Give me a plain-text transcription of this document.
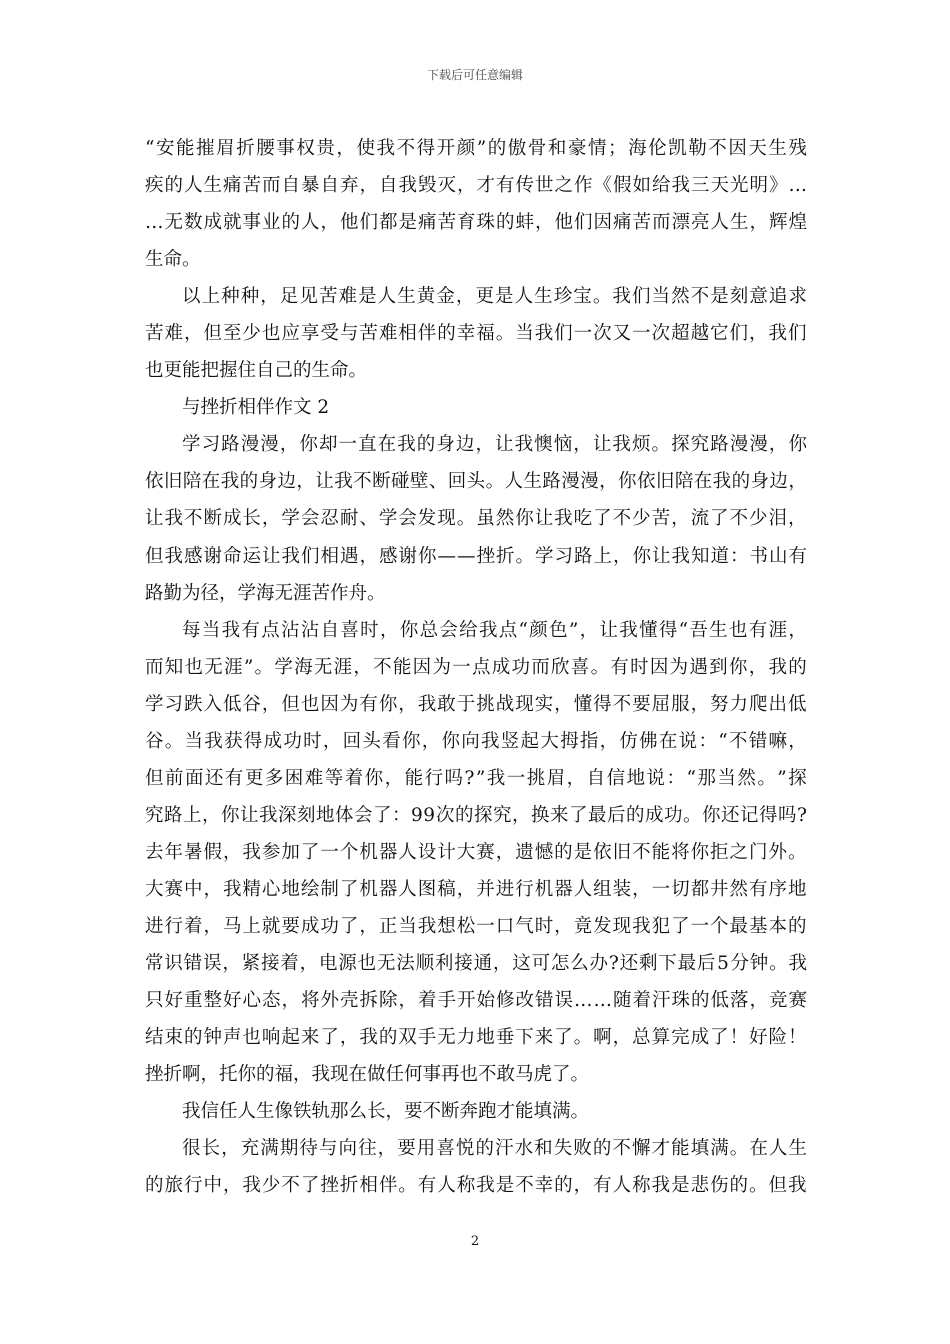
下载后可任意编辑
“ 安 能 摧 眉 折 腰 事 权 贵 ， 使 我 不 得 开 颜 ” 的 傲 骨 和 豪 情 ； 海 伦 凯 勒 不 因 天 生 残
疾 的 人 生 痛 苦 而 自 暴 自 弃 ， 自 我 毁 灭 ， 才 有 传 世 之 作 《 假 如 给 我 三 天 光 明 》 …
… 无 数 成 就 事 业 的 人 ， 他 们 都 是 痛 苦 育 珠 的 蚌 ， 他 们 因 痛 苦 而 漂 亮 人 生 ， 辉 煌
生命。
以 上 种 种 ， 足 见 苦 难 是 人 生 黄 金 ， 更 是 人 生 珍 宝 。 我 们 当 然 不 是 刻 意 追 求
苦 难 ， 但 至 少 也 应 享 受 与 苦 难 相 伴 的 幸 福 。 当 我 们 一 次 又 一 次 超 越 它 们 ， 我 们
也更能把握住自己的生命。
与挫折相伴作文 2
学 习 路 漫 漫 ， 你 却 一 直 在 我 的 身 边 ， 让 我 懊 恼 ， 让 我 烦 。 探 究 路 漫 漫 ， 你
依 旧 陪 在 我 的 身 边 ， 让 我 不 断 碰 壁 、 回 头 。 人 生 路 漫 漫 ， 你 依 旧 陪 在 我 的 身 边 ，
让 我 不 断 成 长 ， 学 会 忍 耐 、 学 会 发 现 。 虽 然 你 让 我 吃 了 不 少 苦 ， 流 了 不 少 泪 ，
但 我 感 谢 命 运 让 我 们 相 遇 ， 感 谢 你 — — 挫 折 。 学 习 路 上 ， 你 让 我 知 道 ： 书 山 有
路勤为径，学海无涯苦作舟。
每 当 我 有 点 沾 沾 自 喜 时 ， 你 总 会 给 我 点 “ 颜 色 ” ， 让 我 懂 得 “ 吾 生 也 有 涯 ，
而 知 也 无 涯 ” 。 学 海 无 涯 ， 不 能 因 为 一 点 成 功 而 欣 喜 。 有 时 因 为 遇 到 你 ， 我 的
学 习 跌 入 低 谷 ， 但 也 因 为 有 你 ， 我 敢 于 挑 战 现 实 ， 懂 得 不 要 屈 服 ， 努 力 爬 出 低
谷 。 当 我 获 得 成 功 时 ， 回 头 看 你 ， 你 向 我 竖 起 大 拇 指 ， 仿 佛 在 说 ： “ 不 错 嘛 ，
但 前 面 还 有 更 多 困 难 等 着 你 ， 能 行 吗 ? ” 我 一 挑 眉 ， 自 信 地 说 ： “ 那 当 然 。 ” 探
究 路 上 ， 你 让 我 深 刻 地 体 会 了 ： 9 9 次 的 探 究 ， 换 来 了 最 后 的 成 功 。 你 还 记 得 吗 ?
去 年 暑 假 ， 我 参 加 了 一 个 机 器 人 设 计 大 赛 ， 遗 憾 的 是 依 旧 不 能 将 你 拒 之 门 外 。
大 赛 中 ， 我 精 心 地 绘 制 了 机 器 人 图 稿 ， 并 进 行 机 器 人 组 装 ， 一 切 都 井 然 有 序 地
进 行 着 ， 马 上 就 要 成 功 了 ， 正 当 我 想 松 一 口 气 时 ， 竟 发 现 我 犯 了 一 个 最 基 本 的
常 识 错 误 ， 紧 接 着 ， 电 源 也 无 法 顺 利 接 通 ， 这 可 怎 么 办 ? 还 剩 下 最 后 5 分 钟 。 我
只 好 重 整 好 心 态 ， 将 外 壳 拆 除 ， 着 手 开 始 修 改 错 误 … … 随 着 汗 珠 的 低 落 ， 竞 赛
结 束 的 钟 声 也 响 起 来 了 ， 我 的 双 手 无 力 地 垂 下 来 了 。 啊 ， 总 算 完 成 了 ！ 好 险 ！
挫折啊，托你的福，我现在做任何事再也不敢马虎了。
我信任人生像铁轨那么长，要不断奔跑才能填满。
很 长 ， 充 满 期 待 与 向 往 ， 要 用 喜 悦 的 汗 水 和 失 败 的 不 懈 才 能 填 满 。 在 人 生
的 旅 行 中 ， 我 少 不 了 挫 折 相 伴 。 有 人 称 我 是 不 幸 的 ， 有 人 称 我 是 悲 伤 的 。 但 我
2
